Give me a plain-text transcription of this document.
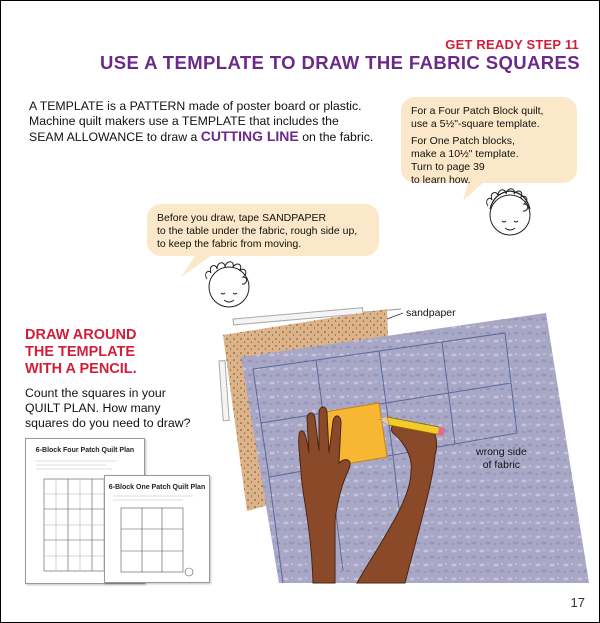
GET READY STEP 11
USE A TEMPLATE TO DRAW THE FABRIC SQUARES
A TEMPLATE is a PATTERN made of poster board or plastic.
Machine quilt makers use a TEMPLATE that includes the
SEAM ALLOWANCE to draw a CUTTING LINE on the fabric.
For a Four Patch Block quilt,
use a 5½"-square template.
For One Patch blocks,
make a 10½" template.
Turn to page 39
to learn how.
Before you draw, tape SANDPAPER
to the table under the fabric, rough side up,
to keep the fabric from moving.
DRAW AROUND
THE TEMPLATE
WITH A PENCIL.
Count the squares in your
QUILT PLAN. How many
squares do you need to draw?
6-Block Four Patch Quilt Plan
6-Block One Patch Quilt Plan
sandpaper
wrong side
of fabric
17
